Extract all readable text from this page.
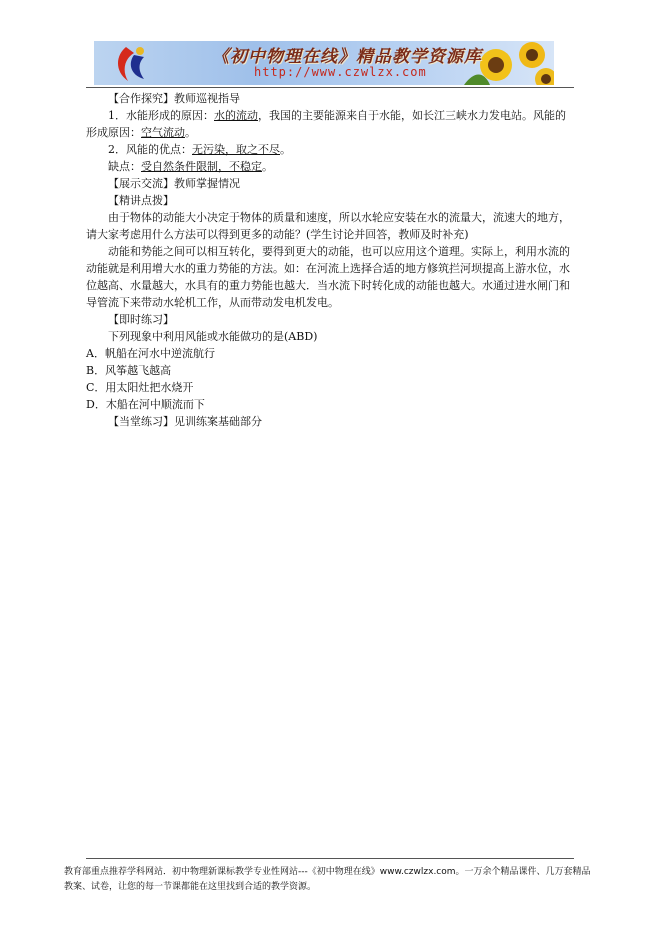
《初中物理在线》精品教学资源库
http://www.czwlzx.com

【合作探究】教师巡视指导

1．水能形成的原因：水的流动，我国的主要能源来自于水能，如长江三峡水力发电站。风能的形成原因：空气流动。

2．风能的优点：无污染，取之不尽。

缺点：受自然条件限制，不稳定。

【展示交流】教师掌握情况

【精讲点拨】

由于物体的动能大小决定于物体的质量和速度，所以水轮应安装在水的流量大，流速大的地方，请大家考虑用什么方法可以得到更多的动能？(学生讨论并回答，教师及时补充)

动能和势能之间可以相互转化，要得到更大的动能，也可以应用这个道理。实际上，利用水流的动能就是利用增大水的重力势能的方法。如：在河流上选择合适的地方修筑拦河坝提高上游水位，水位越高、水量越大，水具有的重力势能也越大．当水流下时转化成的动能也越大。水通过进水闸门和导管流下来带动水轮机工作，从而带动发电机发电。

【即时练习】

下列现象中利用风能或水能做功的是(ABD)

A．帆船在河水中逆流航行

B．风筝越飞越高

C．用太阳灶把水烧开

D．木船在河中顺流而下

【当堂练习】见训练案基础部分

教育部重点推荐学科网站．初中物理新课标教学专业性网站---《初中物理在线》www.czwlzx.com。一万余个精品课件、几万套精品教案、试卷，让您的每一节课都能在这里找到合适的教学资源。
